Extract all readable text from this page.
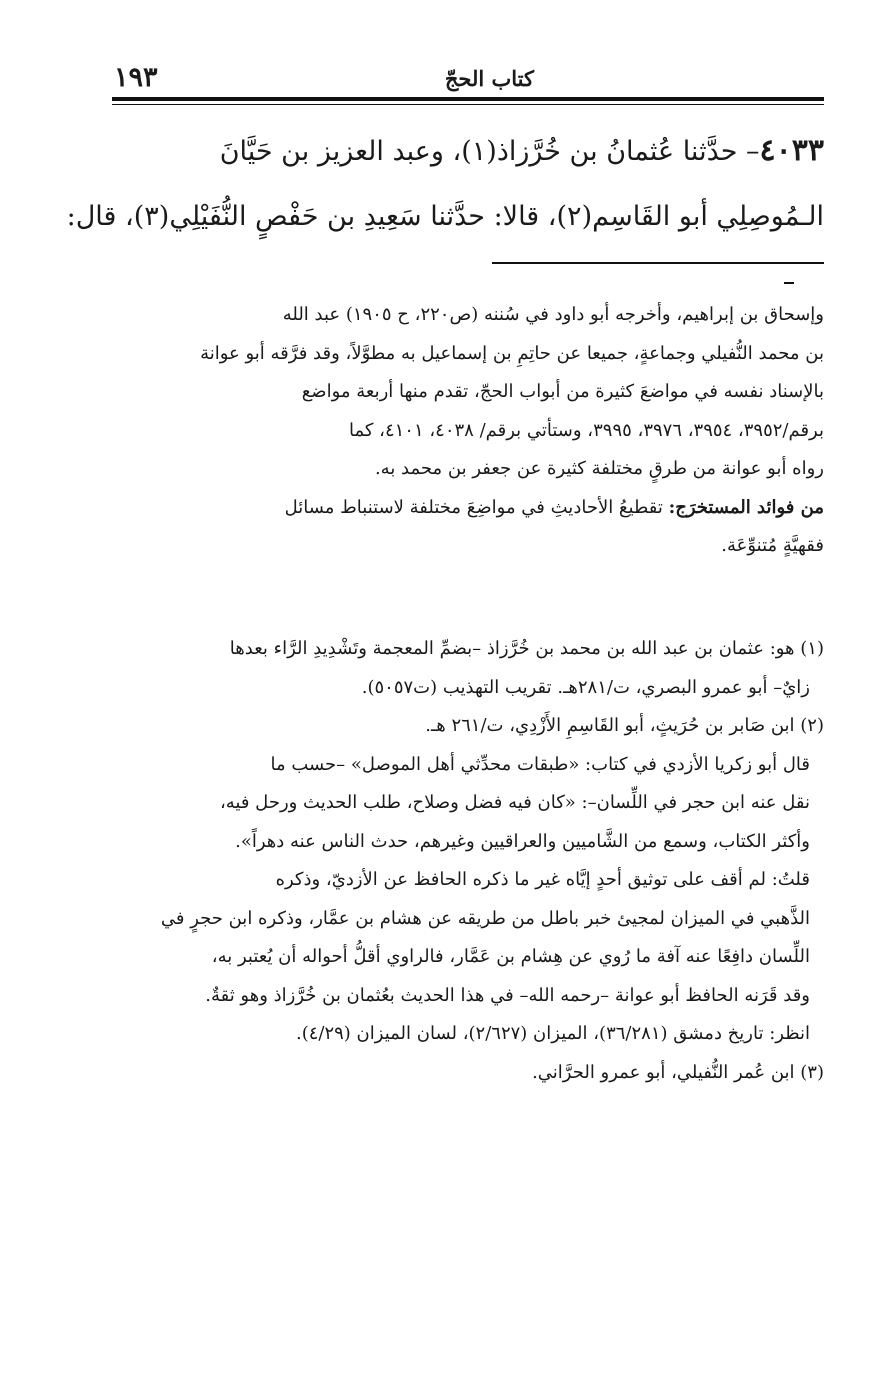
كتاب الحجّ
١٩٣
٤٠٣٣– حدَّثنا عُثمانُ بن خُرَّزاذ(١)، وعبد العزيز بن حَيَّانَ
الـمُوصِلِي أبو القَاسِم(٢)، قالا: حدَّثنا سَعِيدِ بن حَفْصٍ النُّفَيْلِي(٣)، قال:

وإسحاق بن إبراهيم، وأخرجه أبو داود في سُننه (ص٢٢٠، ح ١٩٠٥) عبد الله

بن محمد النُّفيلي وجماعةٍ، جميعا عن حاتِمِ بن إسماعيل به مطوَّلاً، وقد فرَّقه أبو عوانة

بالإسناد نفسه في مواضعَ كثيرة من أبواب الحجّ، تقدم منها أربعة مواضع

برقم/٣٩٥٢، ٣٩٥٤، ٣٩٧٦، ٣٩٩٥، وستأتي برقم/ ٤٠٣٨، ٤١٠١، كما

رواه أبو عوانة من طرقٍ مختلفة كثيرة عن جعفر بن محمد به.

من فوائد المستخرَج: تقطيعُ الأحاديثِ في مواضِعَ مختلفة لاستنباط مسائل

فقهيَّةٍ مُتنوِّعَة.

(١) هو: عثمان بن عبد الله بن محمد بن خُرَّزاذ –بضمِّ المعجمة وتَشْدِيدِ الرَّاء بعدها

زايٌ– أبو عمرو البصري، ت/٢٨١هـ. تقريب التهذيب (ت٥٠٥٧).

(٢) ابن صَابر بن حُرَيثٍ، أبو القَاسِمِ الأَزْدِي، ت/٢٦١ هـ.

قال أبو زكريا الأزدي في كتاب: «طبقات محدِّثي أهل الموصل» –حسب ما

نقل عنه ابن حجر في اللِّسان–: «كان فيه فضل وصلاح، طلب الحديث ورحل فيه،

وأكثر الكتاب، وسمع من الشَّاميين والعراقيين وغيرهم، حدث الناس عنه دهراً».

قلتُ: لم أقف على توثيق أحدٍ إيَّاه غير ما ذكره الحافظ عن الأزديّ، وذكره

الذَّهبي في الميزان لمجيئ خبر باطل من طريقه عن هشام بن عمَّار، وذكره ابن حجرٍ في

اللِّسان دافِعًا عنه آفة ما رُوي عن هِشام بن عَمَّار، فالراوي أقلُّ أحواله أن يُعتبر به،

وقد قَرَنه الحافظ أبو عوانة –رحمه الله– في هذا الحديث بعُثمان بن خُرَّزاذ وهو ثقةٌ.

انظر: تاريخ دمشق (٣٦/٢٨١)، الميزان (٢/٦٢٧)، لسان الميزان (٤/٢٩).

(٣) ابن عُمر النُّفيلي، أبو عمرو الحرَّاني.
